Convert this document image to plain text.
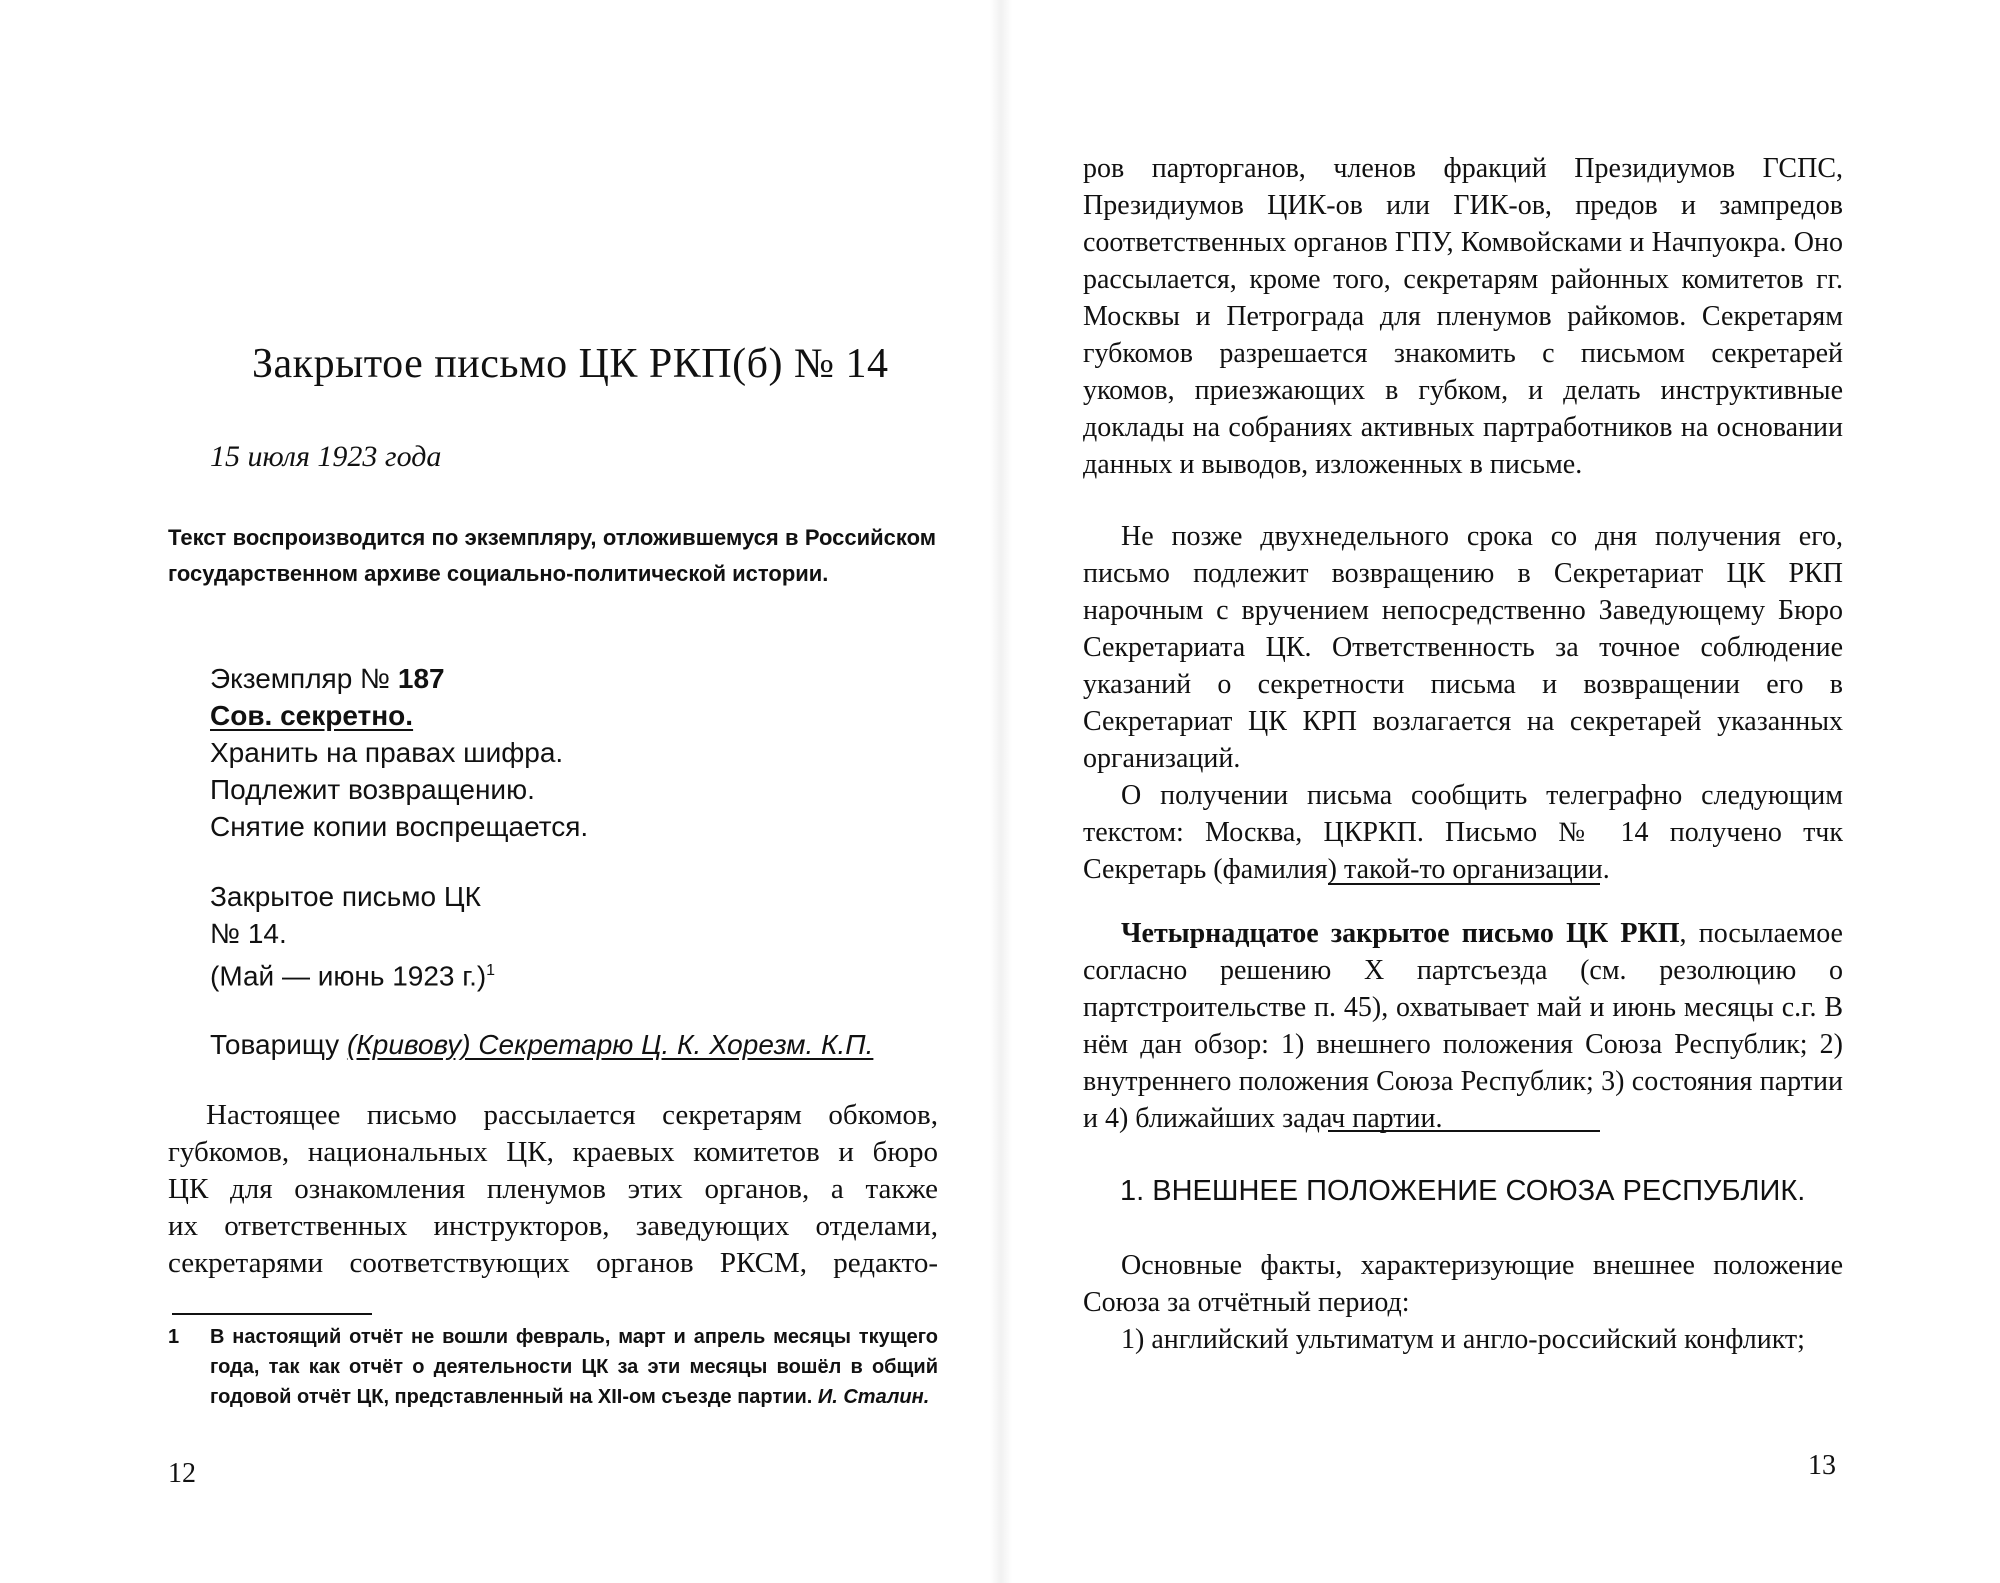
Закрытое письмо ЦК РКП(б) № 14
15 июля 1923 года
Текст воспроизводится по экземпляру, отложившемуся в Российском государственном архиве социально-политической истории.
Экземпляр № 187
Сов. секретно.
Хранить на правах шифра.
Подлежит возвращению.
Снятие копии воспрещается.
Закрытое письмо ЦК
№ 14.
(Май — июнь 1923 г.)$^1$
Товарищу (Кривову) Секретарю Ц. К. Хорезм. К.П.
Настоящее письмо рассылается секретарям обкомов,
губкомов, национальных ЦК, краевых комитетов и бюро
ЦК для ознакомления пленумов этих органов, а также
их ответственных инструкторов, заведующих отделами,
секретарями соответствующих органов РКСМ, редакто-
1	В настоящий отчёт не вошли февраль, март и апрель месяцы ткущего года, так как отчёт о деятельности ЦК за эти месяцы вошёл в общий годовой отчёт ЦК, представленный на XII-ом съезде партии. И. Сталин.
12
ров парторганов, членов фракций Президиумов ГСПС, Президиумов ЦИК-ов или ГИК-ов, предов и зампредов соответственных органов ГПУ, Комвойсками и Начпуокра. Оно рассылается, кроме того, секретарям районных комитетов гг. Москвы и Петрограда для пленумов райкомов. Секретарям губкомов разрешается знакомить с письмом секретарей укомов, приезжающих в губком, и делать инструктивные доклады на собраниях активных партработников на основании данных и выводов, изложенных в письме.
Не позже двухнедельного срока со дня получения его, письмо подлежит возвращению в Секретариат ЦК РКП нарочным с вручением непосредственно Заведующему Бюро Секретариата ЦК. Ответственность за точное соблюдение указаний о секретности письма и возвращении его в Секретариат ЦК КРП возлагается на секретарей указанных организаций.
О получении письма сообщить телеграфно следующим текстом: Москва, ЦКРКП. Письмо № 14 получено тчк Секретарь (фамилия) такой-то организации.
Четырнадцатое закрытое письмо ЦК РКП, посылаемое согласно решению X партсъезда (см. резолюцию о партстроительстве п. 45), охватывает май и июнь месяцы с.г. В нём дан обзор: 1) внешнего положения Союза Республик; 2) внутреннего положения Союза Республик; 3) состояния партии и 4) ближайших задач партии.
1. ВНЕШНЕЕ ПОЛОЖЕНИЕ СОЮЗА РЕСПУБЛИК.
Основные факты, характеризующие внешнее положение Союза за отчётный период:
1) английский ультиматум и англо-российский конфликт;
13
